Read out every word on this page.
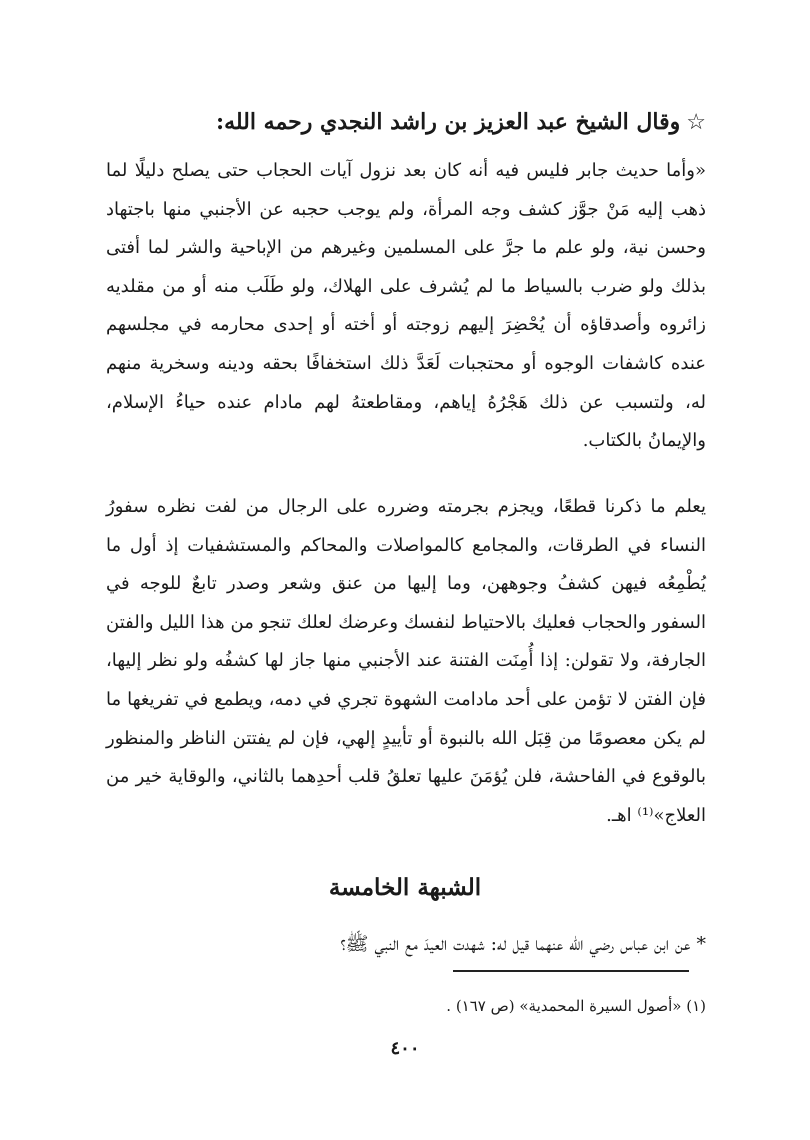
☆وقال الشيخ عبد العزيز بن راشد النجدي رحمه الله:

«وأما حديث جابر فليس فيه أنه كان بعد نزول آيات الحجاب حتى يصلح دليلًا لما ذهب إليه مَنْ جوَّز كشف وجه المرأة، ولم يوجب حجبه عن الأجنبي منها باجتهاد وحسن نية، ولو علم ما جرَّ على المسلمين وغيرهم من الإباحية والشر لما أفتى بذلك ولو ضرب بالسياط ما لم يُشرف على الهلاك، ولو طَلَب منه أو من مقلديه زائروه وأصدقاؤه أن يُحْضِرَ إليهم زوجته أو أخته أو إحدى محارمه في مجلسهم عنده كاشفات الوجوه أو محتجبات لَعَدَّ ذلك استخفافًا بحقه ودينه وسخرية منهم له، ولتسبب عن ذلك هَجْرُهُ إياهم، ومقاطعتهُ لهم مادام عنده حياءُ الإسلام، والإيمانُ بالكتاب.

يعلم ما ذكرنا قطعًا، ويجزم بجرمته وضرره على الرجال من لفت نظره سفورُ النساء في الطرقات، والمجامع كالمواصلات والمحاكم والمستشفيات إذ أول ما يُطْمِعُه فيهن كشفُ وجوههن، وما إليها من عنق وشعر وصدر تابعٌ للوجه في السفور والحجاب فعليك بالاحتياط لنفسك وعرضك لعلك تنجو من هذا الليل والفتن الجارفة، ولا تقولن: إذا أُمِنَت الفتنة عند الأجنبي منها جاز لها كشفُه ولو نظر إليها، فإن الفتن لا تؤمن على أحد مادامت الشهوة تجري في دمه، ويطمع في تفريغها ما لم يكن معصومًا من قِبَل الله بالنبوة أو تأييدٍ إلهي، فإن لم يفتتن الناظر والمنظور بالوقوع في الفاحشة، فلن يُؤمَنَ عليها تعلقُ قلب أحدِهما بالثاني، والوقاية خير من العلاج»⁽¹⁾ اهـ.

الشبهة الخامسة
* عن ابن عباس رضي الله عنهما قيل له: شهدت العيدَ مع النبي ﷺ؟
(١) «أصول السيرة المحمدية» (ص ١٦٧) .
٤٠٠
